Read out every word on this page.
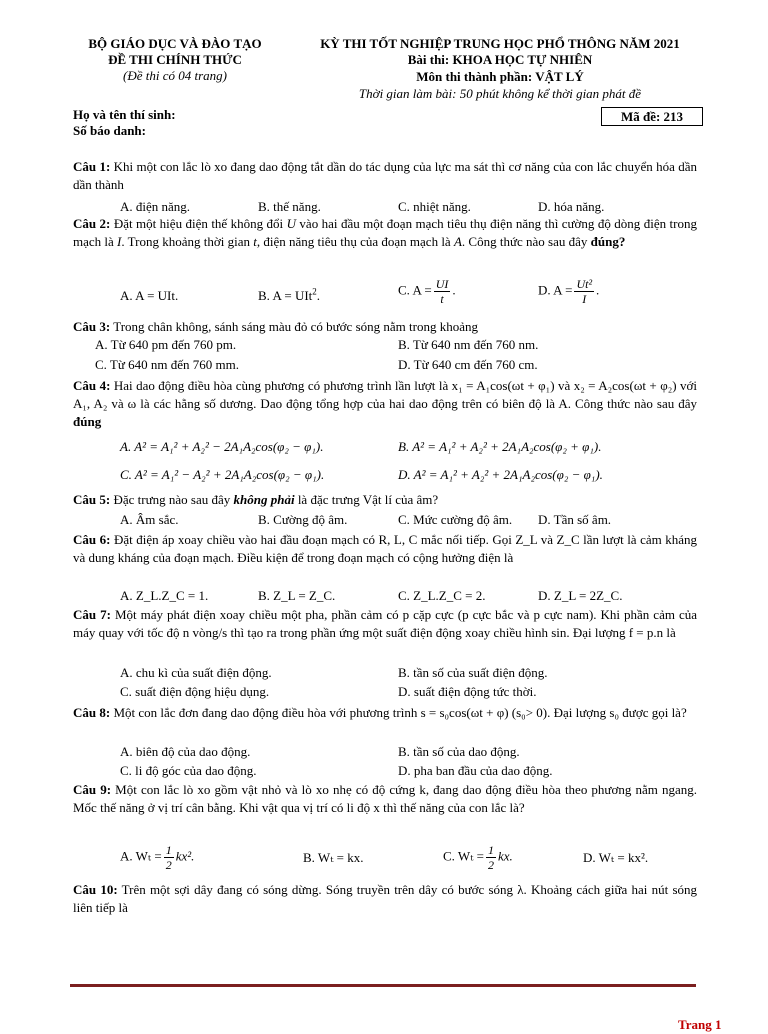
BỘ GIÁO DỤC VÀ ĐÀO TẠO
ĐỀ THI CHÍNH THỨC
(Đề thi có 04 trang)
KỲ THI TỐT NGHIỆP TRUNG HỌC PHỔ THÔNG NĂM 2021
Bài thi: KHOA HỌC TỰ NHIÊN
Môn thi thành phần: VẬT LÝ
Thời gian làm bài: 50 phút không kể thời gian phát đề
Họ và tên thí sinh:
Số báo danh:
Mã đề: 213
Câu 1: Khi một con lắc lò xo đang dao động tắt dần do tác dụng của lực ma sát thì cơ năng của con lắc chuyển hóa dần dần thành
A. điện năng.	B. thế năng.	C. nhiệt năng.	D. hóa năng.
Câu 2: Đặt một hiệu điện thế không đổi U vào hai đầu một đoạn mạch tiêu thụ điện năng thì cường độ dòng điện trong mạch là I. Trong khoảng thời gian t, điện năng tiêu thụ của đoạn mạch là A. Công thức nào sau đây đúng?
A. A = UIt.	B. A = UIt$^2$.	C. $A = \frac{UI}{t}$ .	D. $A = \frac{\text{Ut²}}{I}$ .
Câu 3: Trong chân không, sánh sáng màu đỏ có bước sóng nằm trong khoảng
A. Từ 640 pm đến 760 pm.	B. Từ 640 nm đến 760 nm.
C. Từ 640 nm đến 760 mm.	D. Từ 640 cm đến 760 cm.
Câu 4: Hai dao động điều hòa cùng phương có phương trình lần lượt là x₁ = A₁cos(ωt + φ₁) và x₂ = A₂cos(ωt + φ₂) với A₁, A₂ và ω là các hằng số dương. Dao động tổng hợp của hai dao động trên có biên độ là A. Công thức nào sau đây đúng
A. A² = A₁² + A₂² − 2A₁A₂cos(φ₂ − φ₁).	B. A² = A₁² + A₂² + 2A₁A₂cos(φ₂ + φ₁).
C. A² = A₁² − A₂² + 2A₁A₂cos(φ₂ − φ₁).	D. A² = A₁² + A₂² + 2A₁A₂cos(φ₂ − φ₁).
Câu 5: Đặc trưng nào sau đây không phải là đặc trưng Vật lí của âm?
A. Âm sắc.	B. Cường độ âm.	C. Mức cường độ âm. D. Tần số âm.
Câu 6: Đặt điện áp xoay chiều vào hai đầu đoạn mạch có R, L, C mắc nối tiếp. Gọi Z_L và Z_C lần lượt là cảm kháng và dung kháng của đoạn mạch. Điều kiện để trong đoạn mạch có cộng hưởng điện là
A. Z_L.Z_C = 1.	B. Z_L = Z_C.	C. Z_L.Z_C = 2.	D. Z_L = 2Z_C.
Câu 7: Một máy phát điện xoay chiều một pha, phần cảm có p cặp cực (p cực bắc và p cực nam). Khi phần cảm của máy quay với tốc độ n vòng/s thì tạo ra trong phần ứng một suất điện động xoay chiều hình sin. Đại lượng f = p.n là
A. chu kì của suất điện động.	B. tần số của suất điện động.
C. suất điện động hiệu dụng.	D. suất điện động tức thời.
Câu 8: Một con lắc đơn đang dao động điều hòa với phương trình s = s₀cos(ωt + φ) (s₀> 0). Đại lượng s₀ được gọi là?
A. biên độ của dao động.	B. tần số của dao động.
C. li độ góc của dao động.	D. pha ban đầu của dao động.
Câu 9: Một con lắc lò xo gồm vật nhỏ và lò xo nhẹ có độ cứng k, đang dao động điều hòa theo phương nằm ngang. Mốc thế năng ở vị trí cân bằng. Khi vật qua vị trí có li độ x thì thế năng của con lắc là?
A. $W_t = \frac{1}{2} kx^2$.	B. Wₜ = kx.	C. $W_t = \frac{1}{2}$ kx.	D. Wₜ = kx².
Câu 10: Trên một sợi dây đang có sóng dừng. Sóng truyền trên dây có bước sóng λ. Khoảng cách giữa hai nút sóng liên tiếp là
Trang 1
